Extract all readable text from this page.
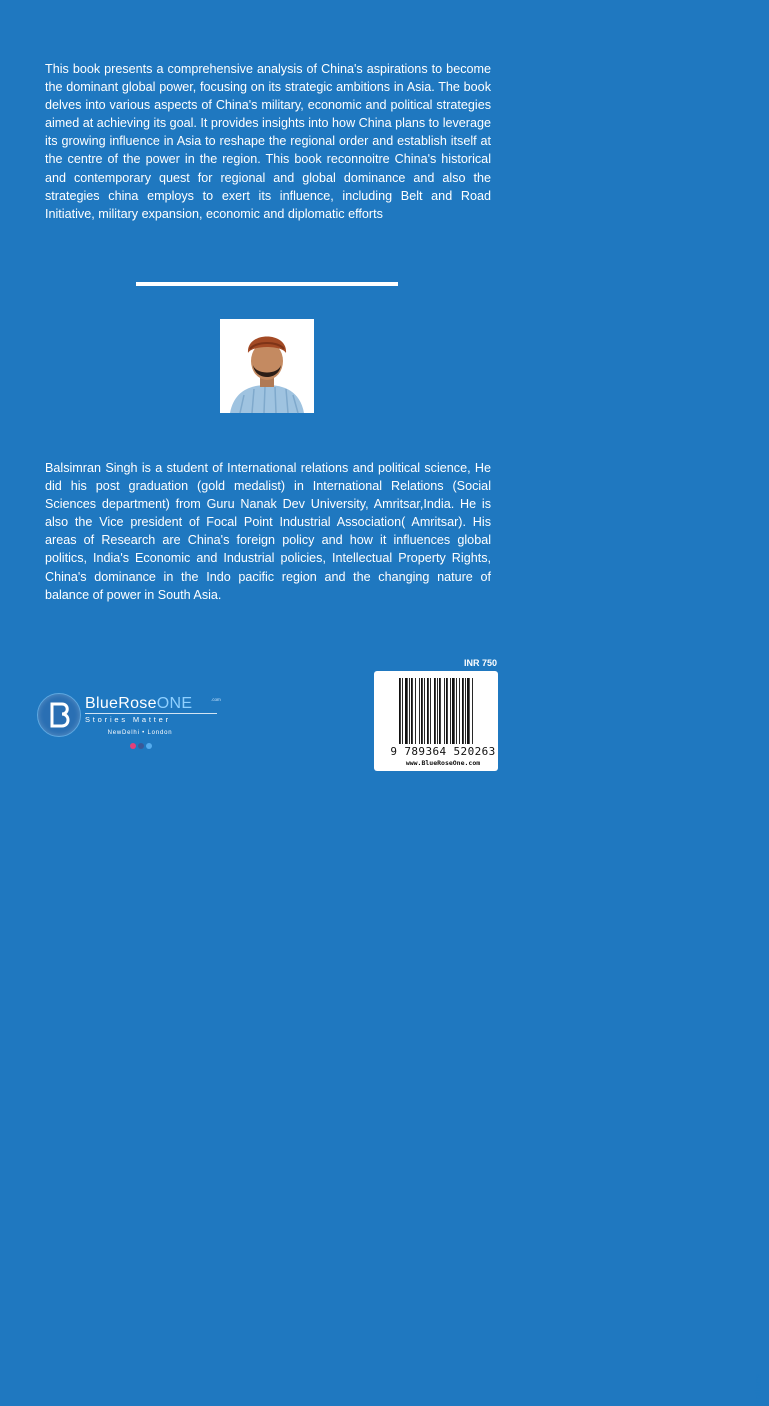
This book presents a comprehensive analysis of China's aspirations to become the dominant global power, focusing on its strategic ambitions in Asia. The book delves into various aspects of China's military, economic and political strategies aimed at achieving its goal. It provides insights into how China plans to leverage its growing influence in Asia to reshape the regional order and establish itself at the centre of the power in the region. This book reconnoitre China's historical and contemporary quest for regional and global dominance and also the strategies china employs to exert its influence, including Belt and Road Initiative, military expansion, economic and diplomatic efforts

Balsimran Singh is a student of International relations and political science, He did his post graduation (gold medalist) in International Relations (Social Sciences department) from Guru Nanak Dev University, Amritsar,India. He is also the Vice president of Focal Point Industrial Association( Amritsar). His areas of Research are China's foreign policy and how it influences global politics, India's Economic and Industrial policies, Intellectual Property Rights, China's dominance in the Indo pacific region and the changing nature of balance of power in South Asia.

INR 750
Politics
9 789364 520263
www.BlueRoseOne.com
BlueRoseONE	.com
Stories Matter
NewDelhi • London
